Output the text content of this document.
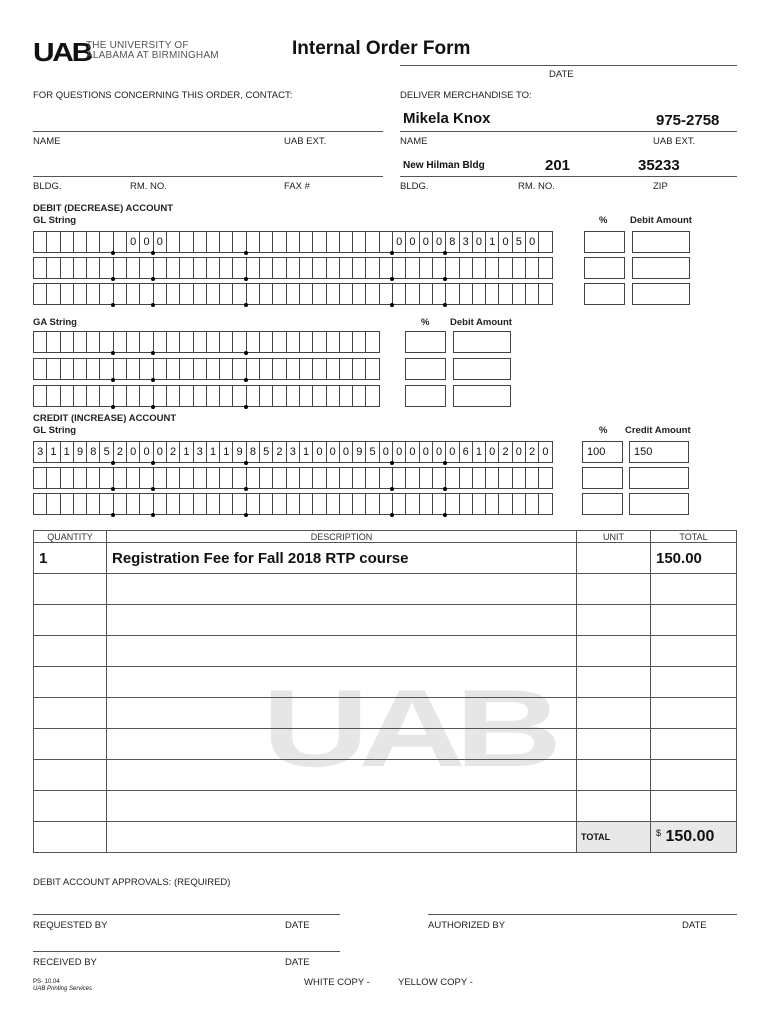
UAB
THE UNIVERSITY OF
ALABAMA AT BIRMINGHAM	Internal Order Form
DATE
FOR QUESTIONS CONCERNING THIS ORDER, CONTACT:	DELIVER MERCHANDISE TO:
NAME	UAB EXT.
Mikela Knox	975-2758
NAME	UAB EXT.
BLDG.	RM. NO.	FAX #
New Hilman Bldg	201	35233
BLDG.	RM. NO.	ZIP
DEBIT (DECREASE) ACCOUNT
GL String	% Debit Amount
0 0 0	0 0 0 0 8 3 0 1 0 5 0
GA String	% Debit Amount
CREDIT (INCREASE) ACCOUNT
GL String	% Credit Amount
3 1 1 9 8 5 2 0 0 0 2 1 3 1 1 9 8 5 2 3 1 0 0 0 9 5 0 0 0 0 0 0 6 1 0 2 0 2 0	100	150
UAB
QUANTITY	DESCRIPTION	UNIT	TOTAL
1	Registration Fee for Fall 2018 RTP course		150.00

		TOTAL	$ 150.00
DEBIT ACCOUNT APPROVALS: (REQUIRED)
REQUESTED BY	DATE	AUTHORIZED BY	DATE
RECEIVED BY	DATE
WHITE COPY -	YELLOW COPY -
PS- 10.04
UAB Printing Services
